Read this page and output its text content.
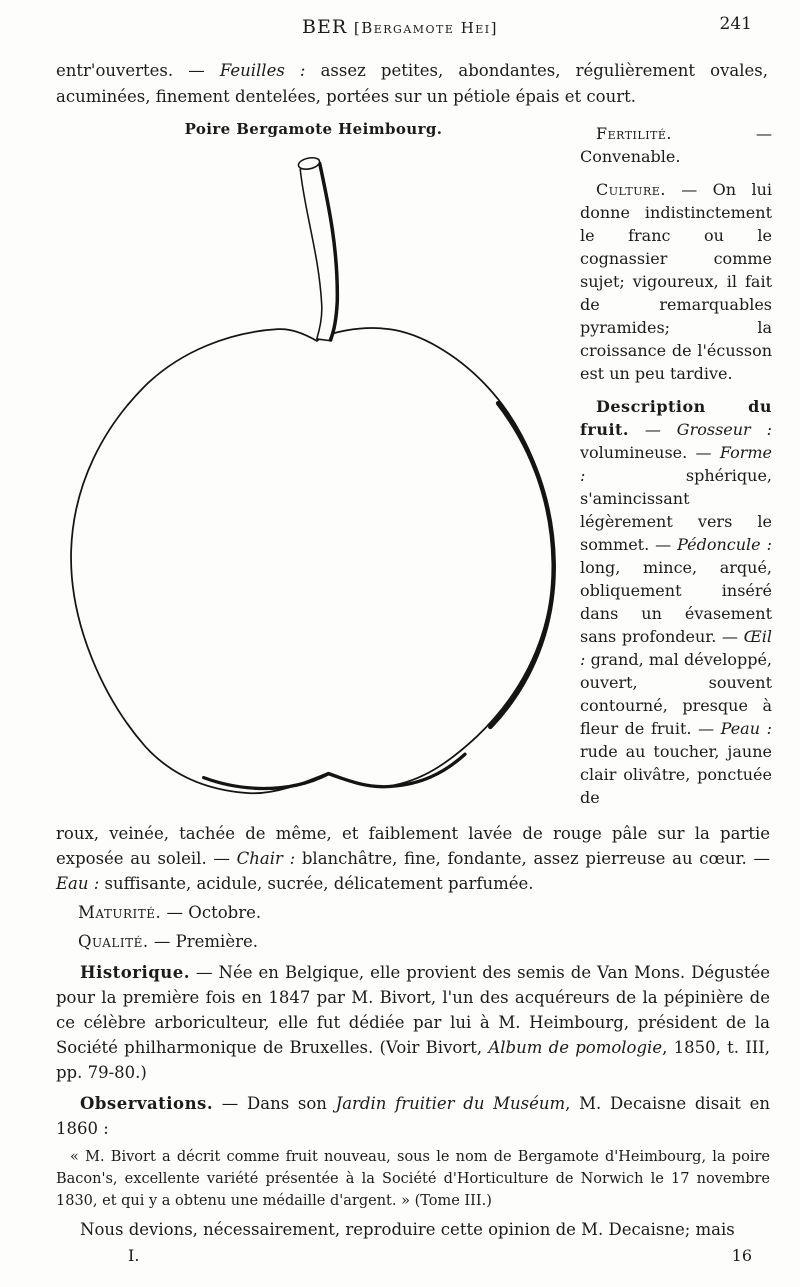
BER [Bergamote Hei]	241

entr'ouvertes. — Feuilles : assez petites, abondantes, régulièrement ovales, acuminées, finement dentelées, portées sur un pétiole épais et court.

Poire Bergamote Heimbourg.	Fertilité. — Convenable.

Culture. — On lui donne indistinctement le franc ou le cognassier comme sujet; vigoureux, il fait de remarquables pyramides; la croissance de l'écusson est un peu tardive.

Description du fruit. — Grosseur : volumineuse. — Forme : sphérique, s'amincissant légèrement vers le sommet. — Pédoncule : long, mince, arqué, obliquement inséré dans un évasement sans profondeur. — Œil : grand, mal développé, ouvert, souvent contourné, presque à fleur de fruit. — Peau : rude au toucher, jaune clair olivâtre, ponctuée de

roux, veinée, tachée de même, et faiblement lavée de rouge pâle sur la partie exposée au soleil. — Chair : blanchâtre, fine, fondante, assez pierreuse au cœur. — Eau : suffisante, acidule, sucrée, délicatement parfumée.

Maturité. — Octobre.

Qualité. — Première.

Historique. — Née en Belgique, elle provient des semis de Van Mons. Dégustée pour la première fois en 1847 par M. Bivort, l'un des acquéreurs de la pépinière de ce célèbre arboriculteur, elle fut dédiée par lui à M. Heimbourg, président de la Société philharmonique de Bruxelles. (Voir Bivort, Album de pomologie, 1850, t. III, pp. 79-80.)

Observations. — Dans son Jardin fruitier du Muséum, M. Decaisne disait en 1860 :

« M. Bivort a décrit comme fruit nouveau, sous le nom de Bergamote d'Heimbourg, la poire Bacon's, excellente variété présentée à la Société d'Horticulture de Norwich le 17 novembre 1830, et qui y a obtenu une médaille d'argent. » (Tome III.)

Nous devions, nécessairement, reproduire cette opinion de M. Decaisne; mais

I.	16
